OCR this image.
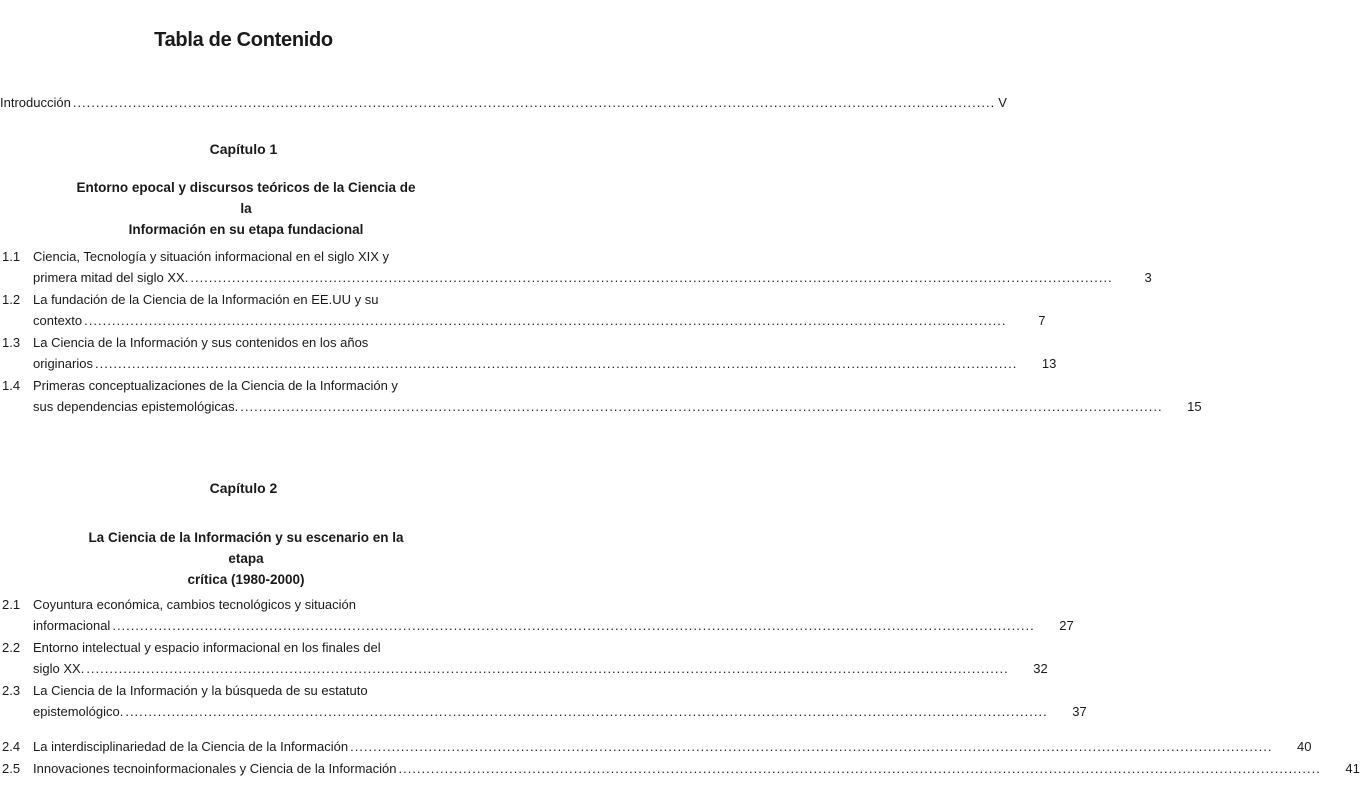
Tabla de Contenido
Introducción ........................................................................................................................................................................................................ V
Capítulo 1
Entorno epocal y discursos teóricos de la Ciencia de la
Información en su etapa fundacional
1.1 Ciencia, Tecnología y situación informacional en el siglo XIX y
primera mitad del siglo XX. ........................................................................................................................................................................................................	3
1.2 La fundación de la Ciencia de la Información en EE.UU y su
contexto ........................................................................................................................................................................................................	7
1.3 La Ciencia de la Información y sus contenidos en los años
originarios ........................................................................................................................................................................................................	13
1.4 Primeras conceptualizaciones de la Ciencia de la Información y
sus dependencias epistemológicas. ........................................................................................................................................................................................................	15
Capítulo 2
La Ciencia de la Información y su escenario en la etapa
crítica (1980-2000)
2.1 Coyuntura económica, cambios tecnológicos y situación
informacional ........................................................................................................................................................................................................	27
2.2 Entorno intelectual y espacio informacional en los finales del
siglo XX. ........................................................................................................................................................................................................	32
2.3 La Ciencia de la Información y la búsqueda de su estatuto
epistemológico. ........................................................................................................................................................................................................	37
2.4 La interdisciplinariedad de la Ciencia de la Información ........................................................................................................................................................................................................	40
2.5 Innovaciones tecnoinformacionales y Ciencia de la Información ........................................................................................................................................................................................................	41
